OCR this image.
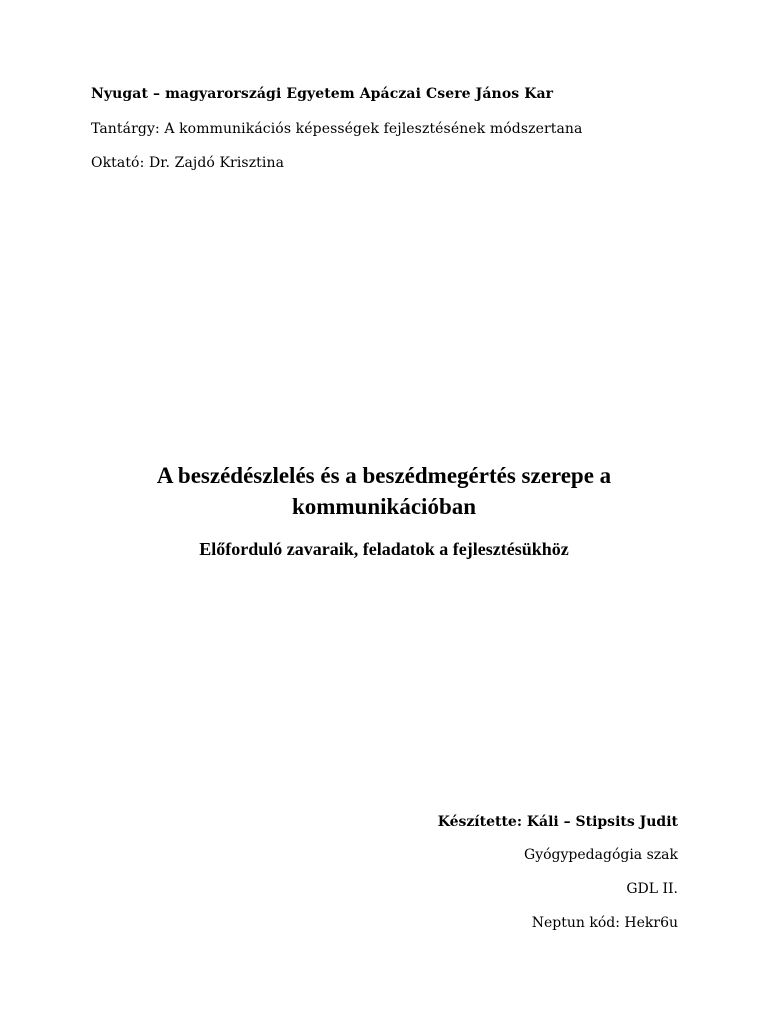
Nyugat – magyarországi Egyetem Apáczai Csere János Kar
Tantárgy: A kommunikációs képességek fejlesztésének módszertana
Oktató: Dr. Zajdó Krisztina
A beszédészlelés és a beszédmegértés szerepe a
kommunikációban
Előforduló zavaraik, feladatok a fejlesztésükhöz
Készítette: Káli – Stipsits Judit
Gyógypedagógia szak
GDL II.
Neptun kód: Hekr6u
